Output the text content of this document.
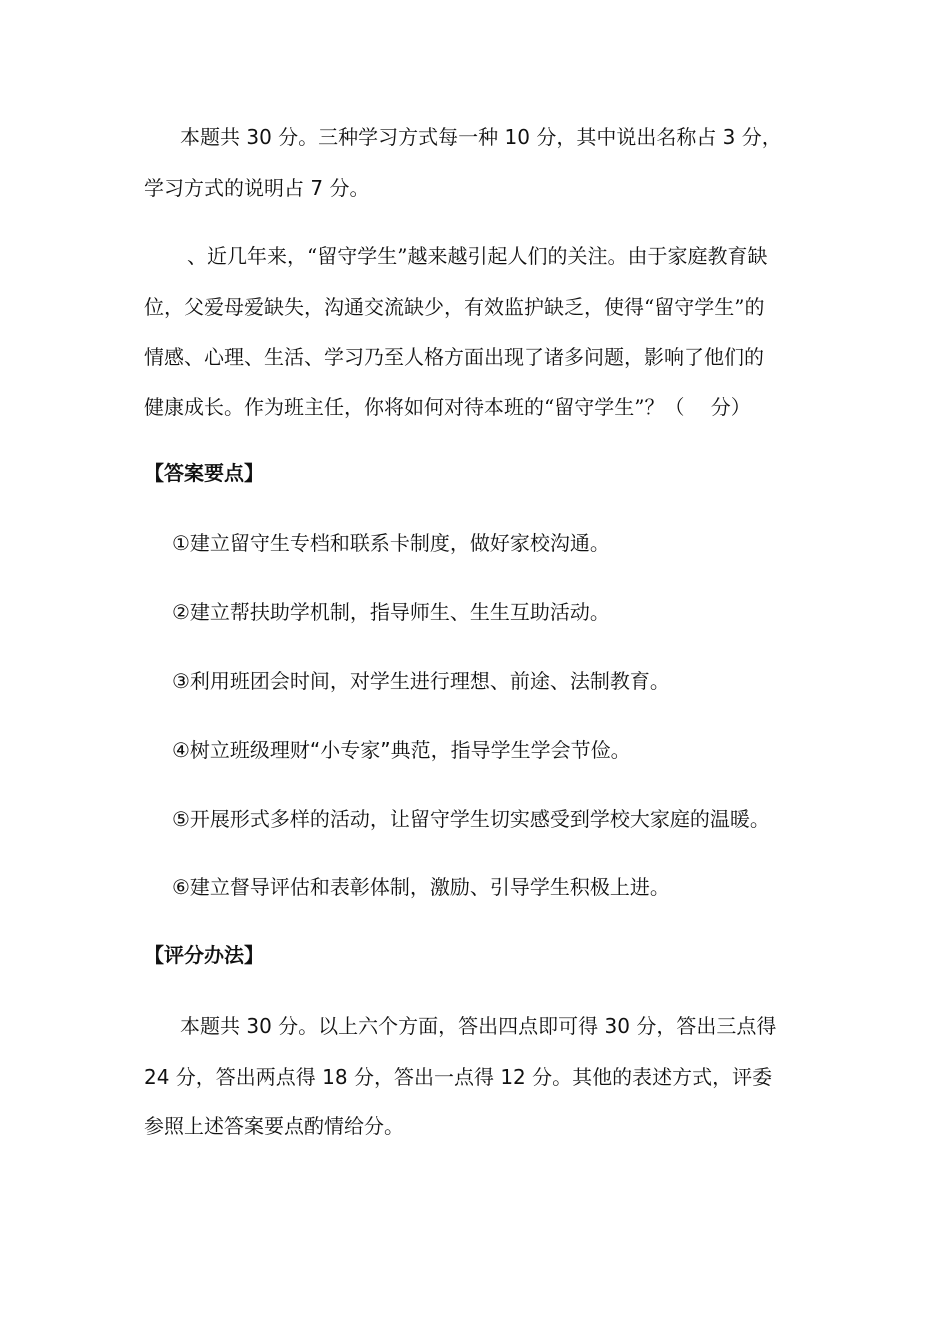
本题共 30 分。三种学习方式每一种 10 分，其中说出名称占 3 分，
学习方式的说明占 7 分。
、近几年来，“留守学生”越来越引起人们的关注。由于家庭教育缺
位，父爱母爱缺失，沟通交流缺少，有效监护缺乏，使得“留守学生”的
情感、心理、生活、学习乃至人格方面出现了诸多问题，影响了他们的
健康成长。作为班主任，你将如何对待本班的“留守学生”？（　 分）
【答案要点】
①建立留守生专档和联系卡制度，做好家校沟通。
②建立帮扶助学机制，指导师生、生生互助活动。
③利用班团会时间，对学生进行理想、前途、法制教育。
④树立班级理财“小专家”典范，指导学生学会节俭。
⑤开展形式多样的活动，让留守学生切实感受到学校大家庭的温暖。
⑥建立督导评估和表彰体制，激励、引导学生积极上进。
【评分办法】
本题共 30 分。以上六个方面，答出四点即可得 30 分，答出三点得
24 分，答出两点得 18 分，答出一点得 12 分。其他的表述方式，评委
参照上述答案要点酌情给分。
